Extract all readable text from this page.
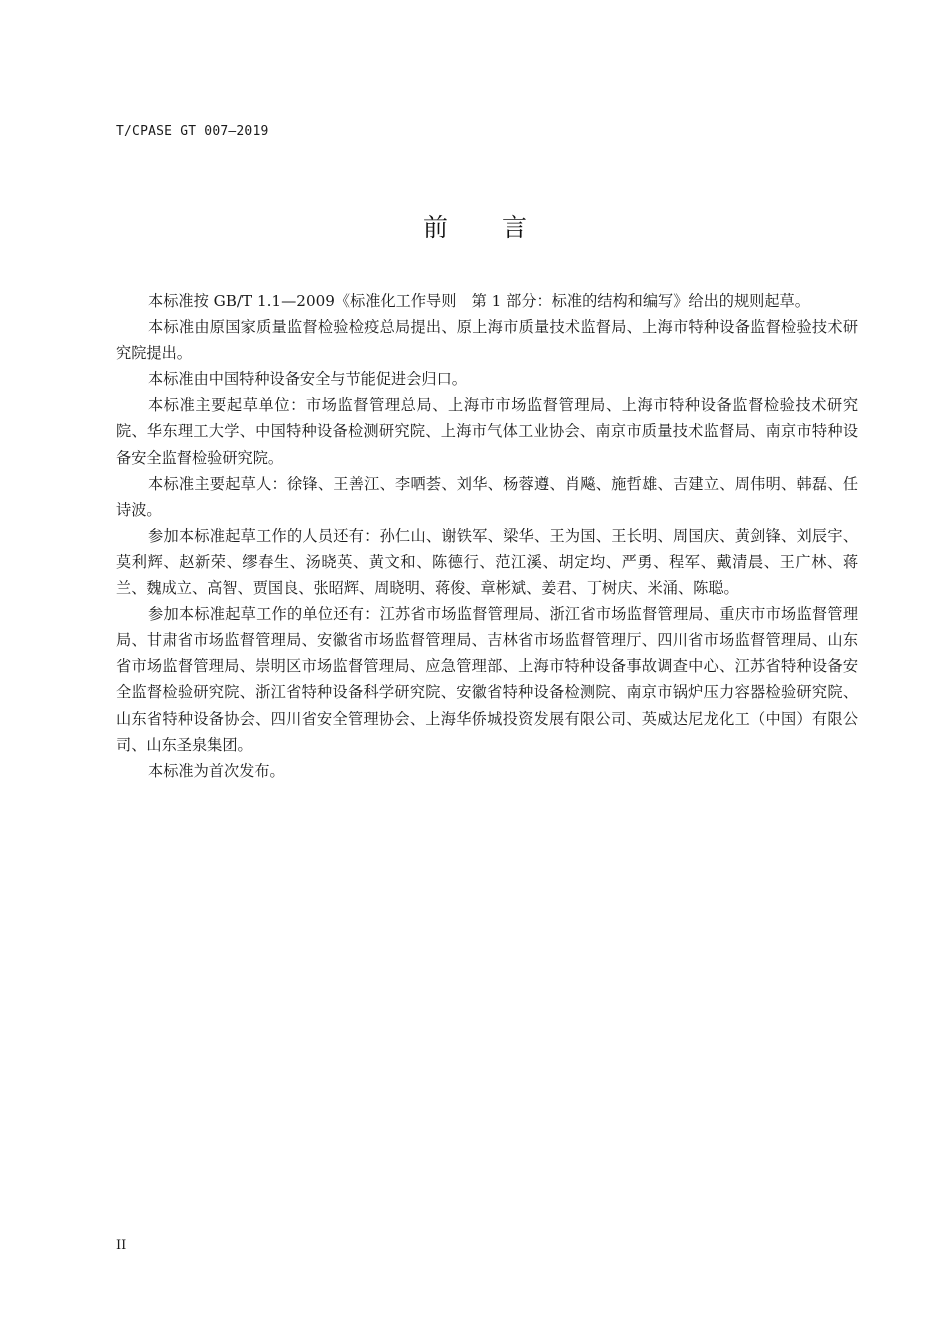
T/CPASE GT 007—2019
前言

本标准按 GB/T 1.1—2009《标准化工作导则　第 1 部分：标准的结构和编写》给出的规则起草。

本标准由原国家质量监督检验检疫总局提出、原上海市质量技术监督局、上海市特种设备监督检验技术研究院提出。

本标准由中国特种设备安全与节能促进会归口。

本标准主要起草单位：市场监督管理总局、上海市市场监督管理局、上海市特种设备监督检验技术研究院、华东理工大学、中国特种设备检测研究院、上海市气体工业协会、南京市质量技术监督局、南京市特种设备安全监督检验研究院。

本标准主要起草人：徐锋、王善江、李哂荟、刘华、杨蓉遵、肖飚、施哲雄、吉建立、周伟明、韩磊、任诗波。

参加本标准起草工作的人员还有：孙仁山、谢铁军、梁华、王为国、王长明、周国庆、黄剑锋、刘辰宇、莫利辉、赵新荣、缪春生、汤晓英、黄文和、陈德行、范江溪、胡定均、严勇、程军、戴清晨、王广林、蒋兰、魏成立、高智、贾国良、张昭辉、周晓明、蒋俊、章彬斌、姜君、丁树庆、米涌、陈聪。

参加本标准起草工作的单位还有：江苏省市场监督管理局、浙江省市场监督管理局、重庆市市场监督管理局、甘肃省市场监督管理局、安徽省市场监督管理局、吉林省市场监督管理厅、四川省市场监督管理局、山东省市场监督管理局、崇明区市场监督管理局、应急管理部、上海市特种设备事故调查中心、江苏省特种设备安全监督检验研究院、浙江省特种设备科学研究院、安徽省特种设备检测院、南京市锅炉压力容器检验研究院、山东省特种设备协会、四川省安全管理协会、上海华侨城投资发展有限公司、英威达尼龙化工（中国）有限公司、山东圣泉集团。

本标准为首次发布。

II
